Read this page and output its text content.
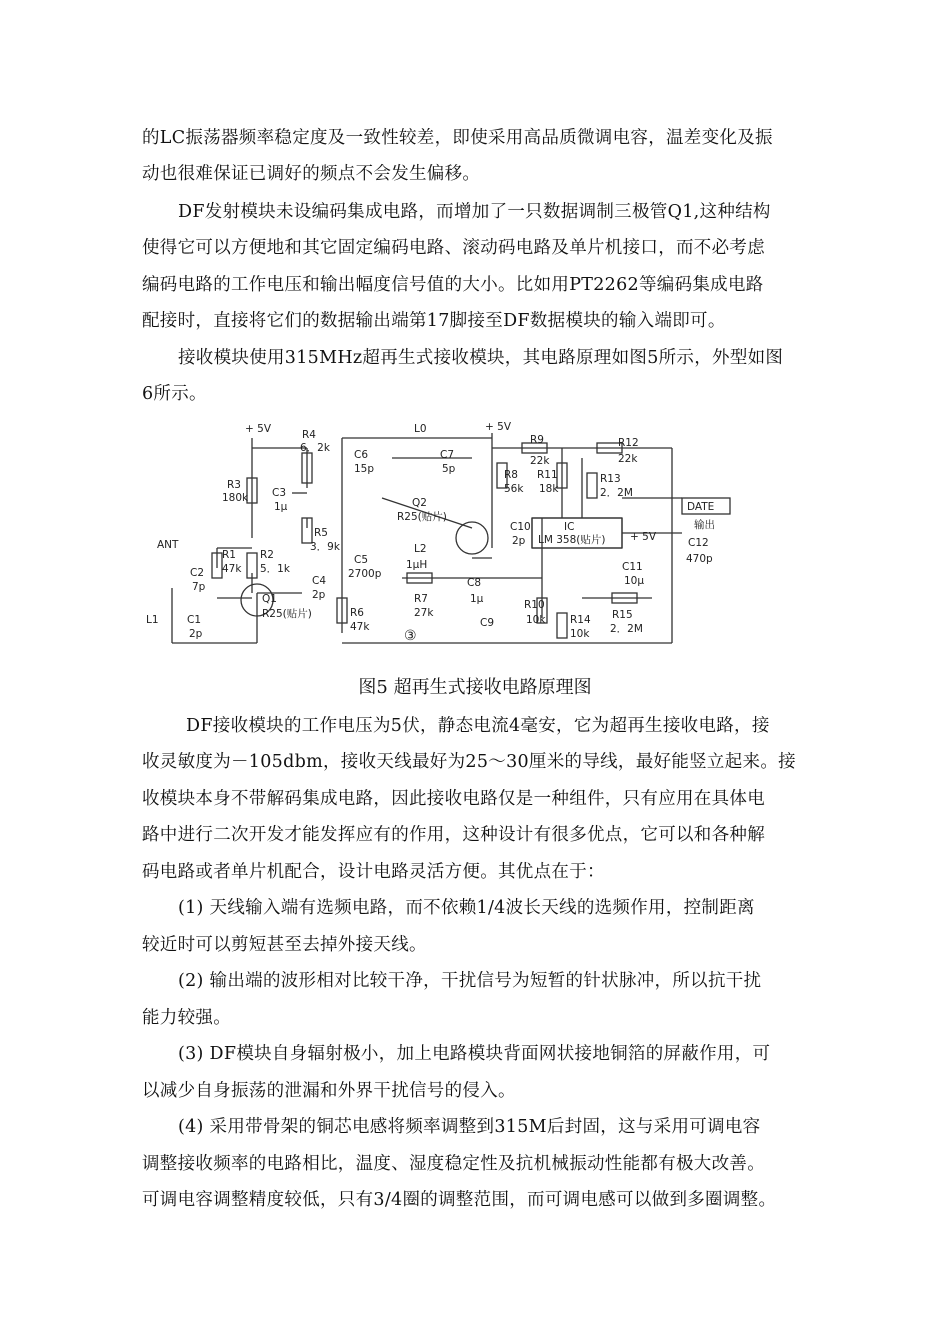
的LC振荡器频率稳定度及一致性较差，即使采用高品质微调电容，温差变化及振
动也很难保证已调好的频点不会发生偏移。
DF发射模块未设编码集成电路，而增加了一只数据调制三极管Q1,这种结构
使得它可以方便地和其它固定编码电路、滚动码电路及单片机接口，而不必考虑
编码电路的工作电压和输出幅度信号值的大小。比如用PT2262等编码集成电路
配接时，直接将它们的数据输出端第17脚接至DF数据模块的输入端即可。
接收模块使用315MHz超再生式接收模块，其电路原理如图5所示，外型如图
6所示。
+ 5V	+ 5V
+ 5V
ANT
R4
6．2k
R3
180k C3
1μ
R5
3．9k
R1
47k
R2
5．1k
C2
7p	C4
2p
Q1
R25(贴片)
L1	C1
2p
C6
15p
L0
C7
5p
Q2
R25(贴片)
C5
2700p
R6
47k
L2
1μH
R7
27k
C8
1μ
C9
③
R8
56k
C10
2p
R9
22k
R11
18k
R12
22k
R13
2．2M
IC
LM 358(贴片)
C11
10μ
C12
470p
R10
10k R14
10k
R15
2．2M
DATE
输出
图5 超再生式接收电路原理图
DF接收模块的工作电压为5伏，静态电流4毫安，它为超再生接收电路，接
收灵敏度为－105dbm，接收天线最好为25～30厘米的导线，最好能竖立起来。接
收模块本身不带解码集成电路，因此接收电路仅是一种组件，只有应用在具体电
路中进行二次开发才能发挥应有的作用，这种设计有很多优点，它可以和各种解
码电路或者单片机配合，设计电路灵活方便。其优点在于：
(1) 天线输入端有选频电路，而不依赖1/4波长天线的选频作用，控制距离
较近时可以剪短甚至去掉外接天线。
(2) 输出端的波形相对比较干净，干扰信号为短暂的针状脉冲，所以抗干扰
能力较强。
(3) DF模块自身辐射极小，加上电路模块背面网状接地铜箔的屏蔽作用，可
以减少自身振荡的泄漏和外界干扰信号的侵入。
(4) 采用带骨架的铜芯电感将频率调整到315M后封固，这与采用可调电容
调整接收频率的电路相比，温度、湿度稳定性及抗机械振动性能都有极大改善。
可调电容调整精度较低，只有3/4圈的调整范围，而可调电感可以做到多圈调整。
